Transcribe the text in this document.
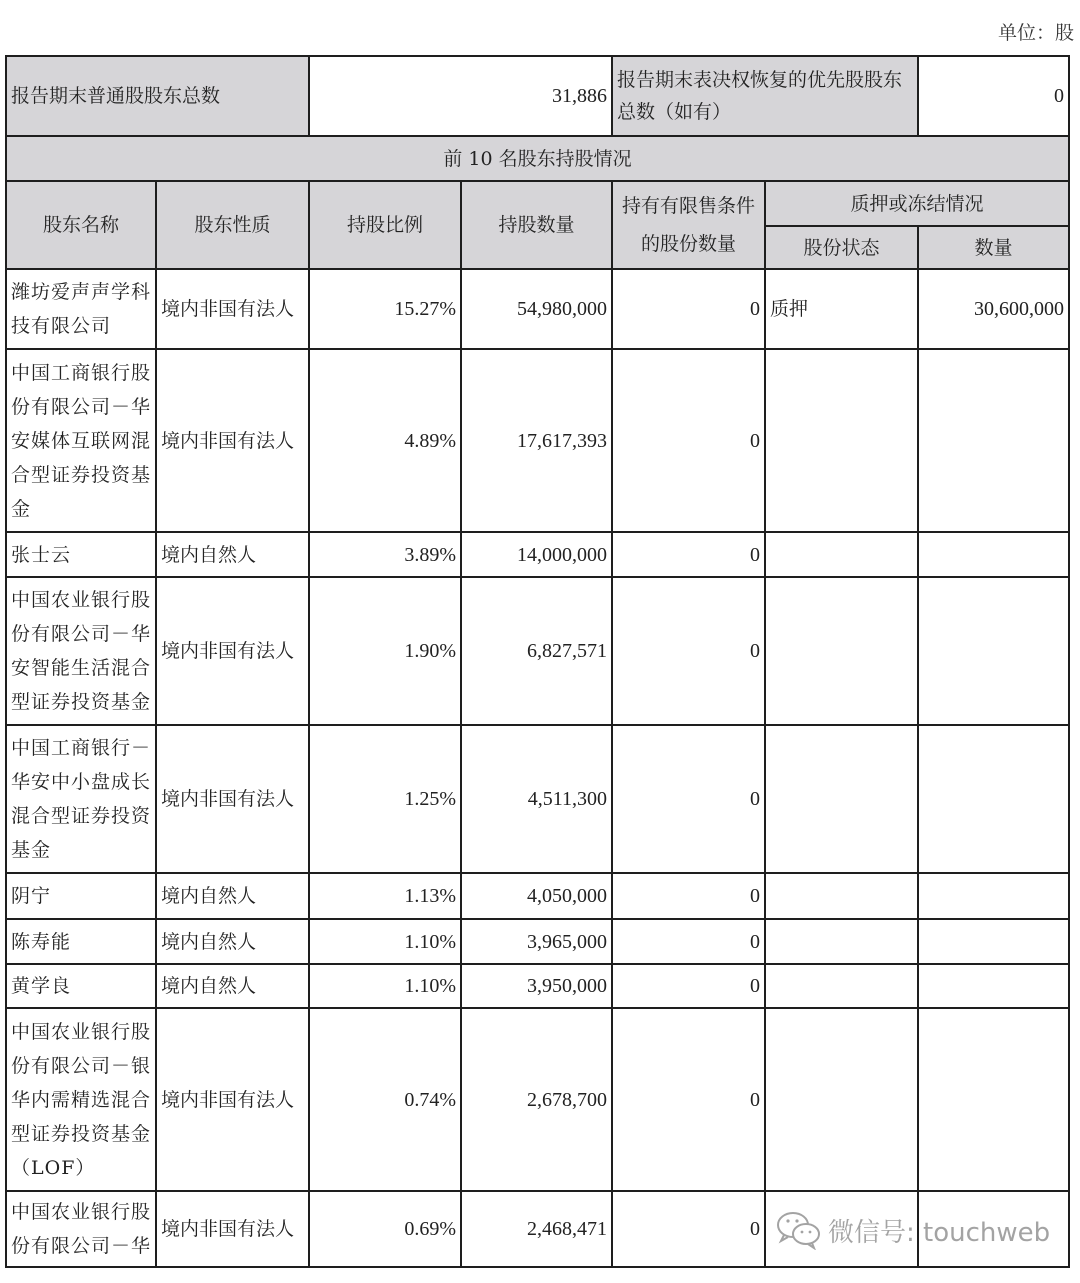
单位：股
报告期末普通股股东总数		31,886		报告期末表决权恢复的优先股股东总数（如有）		0
前 10 名股东持股情况						
股东名称	股东性质	持股比例	持股数量	持有有限售条件的股份数量	质押或冻结情况	
					股份状态	数量
潍坊爱声声学科技有限公司	境内非国有法人	15.27%	54,980,000	0	质押	30,600,000
中国工商银行股份有限公司－华安媒体互联网混合型证券投资基金	境内非国有法人	4.89%	17,617,393	0		
张士云	境内自然人	3.89%	14,000,000	0		
中国农业银行股份有限公司－华安智能生活混合型证券投资基金	境内非国有法人	1.90%	6,827,571	0		
中国工商银行－华安中小盘成长混合型证券投资基金	境内非国有法人	1.25%	4,511,300	0		
阴宁	境内自然人	1.13%	4,050,000	0		
陈寿能	境内自然人	1.10%	3,965,000	0		
黄学良	境内自然人	1.10%	3,950,000	0		
中国农业银行股份有限公司－银华内需精选混合型证券投资基金（LOF）	境内非国有法人	0.74%	2,678,700	0		
中国农业银行股份有限公司－华	境内非国有法人	0.69%	2,468,471	0			微信号: touchweb
